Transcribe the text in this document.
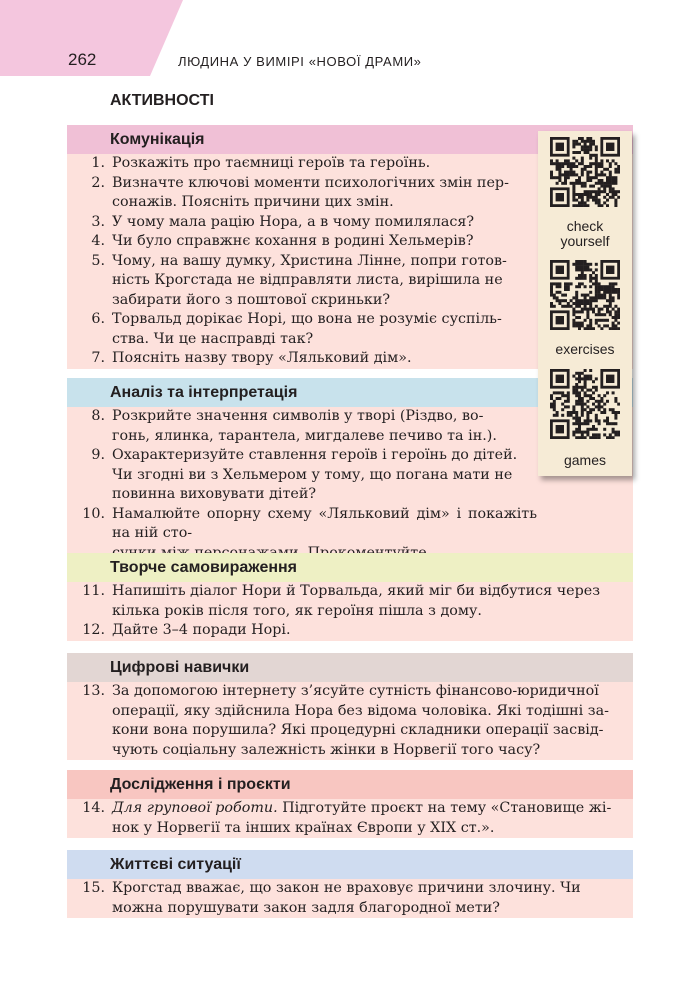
262	ЛЮДИНА У ВИМІРІ «НОВОЇ ДРАМИ»
АКТИВНОСТІ
Комунікація
1. Розкажіть про таємниці героїв та героїнь.
2. Визначте ключові моменти психологічних змін пер-
сонажів. Поясніть причини цих змін.
3. У чому мала рацію Нора, а в чому помилялася?
4. Чи було справжнє кохання в родині Хельмерів?
5. Чому, на вашу думку, Христина Лінне, попри готов-
ність Крогстада не відправляти листа, вирішила не
забирати його з поштової скриньки?
6. Торвальд дорікає Норі, що вона не розуміє суспіль-
ства. Чи це насправді так?
7. Поясніть назву твору «Ляльковий дім».
Аналіз та інтерпретація
8. Розкрийте значення символів у творі (Різдво, во-
гонь, ялинка, тарантела, мигдалеве печиво та ін.).
9. Охарактеризуйте ставлення героїв і героїнь до дітей.
Чи згодні ви з Хельмером у тому, що погана мати не
повинна виховувати дітей?
10. Намалюйте опорну схему «Ляльковий дім» і покажіть на ній сто-
Творче самовираження
11. Напишіть діалог Нори й Торвальда, який міг би відбутися через
кілька років після того, як героїня пішла з дому.
12. Дайте 3–4 поради Норі.
Цифрові навички
13. За допомогою інтернету з’ясуйте сутність фінансово-юридичної
операції, яку здійснила Нора без відома чоловіка. Які тодішні за-
кони вона порушила? Які процедурні складники операції засвід-
чують соціальну залежність жінки в Норвегії того часу?
Дослідження і проєкти
14. Для групової роботи. Підготуйте проєкт на тему «Становище жі-

нок у Норвегії та інших країнах Європи у ХІХ ст.».
Життєві ситуації
15. Крогстад вважає, що закон не враховує причини злочину. Чи
можна порушувати закон задля благородної мети?
check
yourself
exercises
games
